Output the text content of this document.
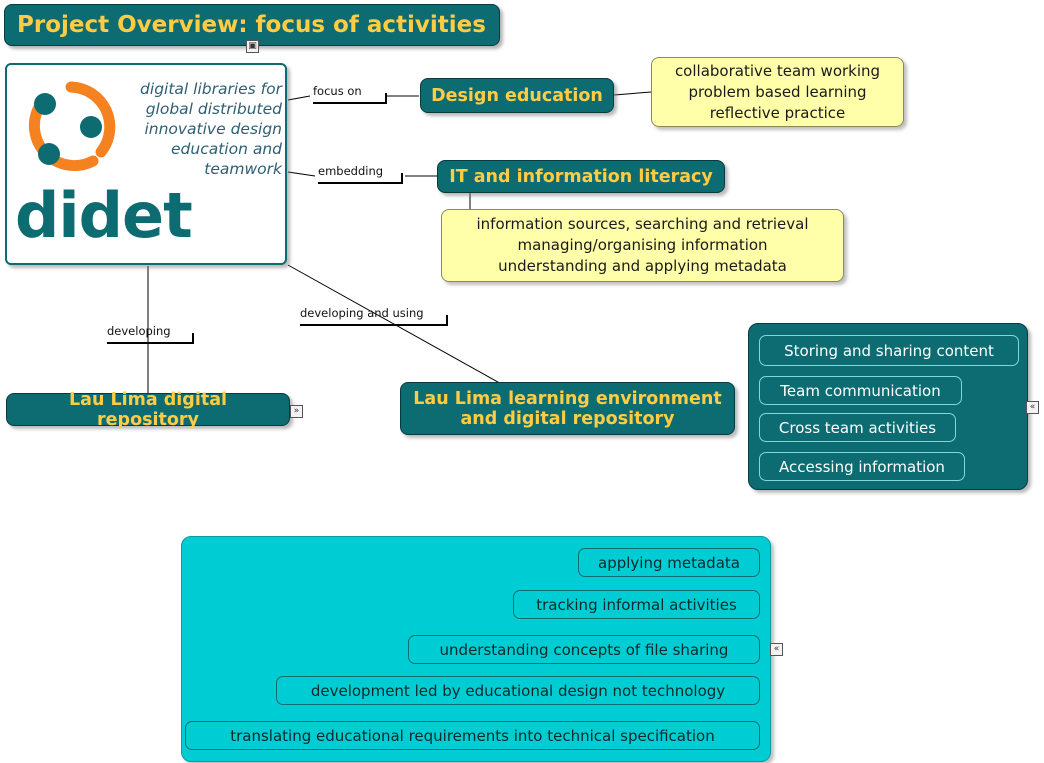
Project Overview: focus of activities
▣
digital libraries for
global distributed
innovative design
education and
teamwork
didet
focus on	Design education
collaborative team working
problem based learning
reflective practice
embedding	IT and information literacy
information sources, searching and retrieval
managing/organising information
understanding and applying metadata
developing
developing and using
Lau Lima digital repository	»
Lau Lima learning environment
and digital repository
Storing and sharing content
Team communication
Cross team activities
Accessing information
«
applying metadata
tracking informal activities
understanding concepts of file sharing
development led by educational design not technology
translating educational requirements into technical specification
«
